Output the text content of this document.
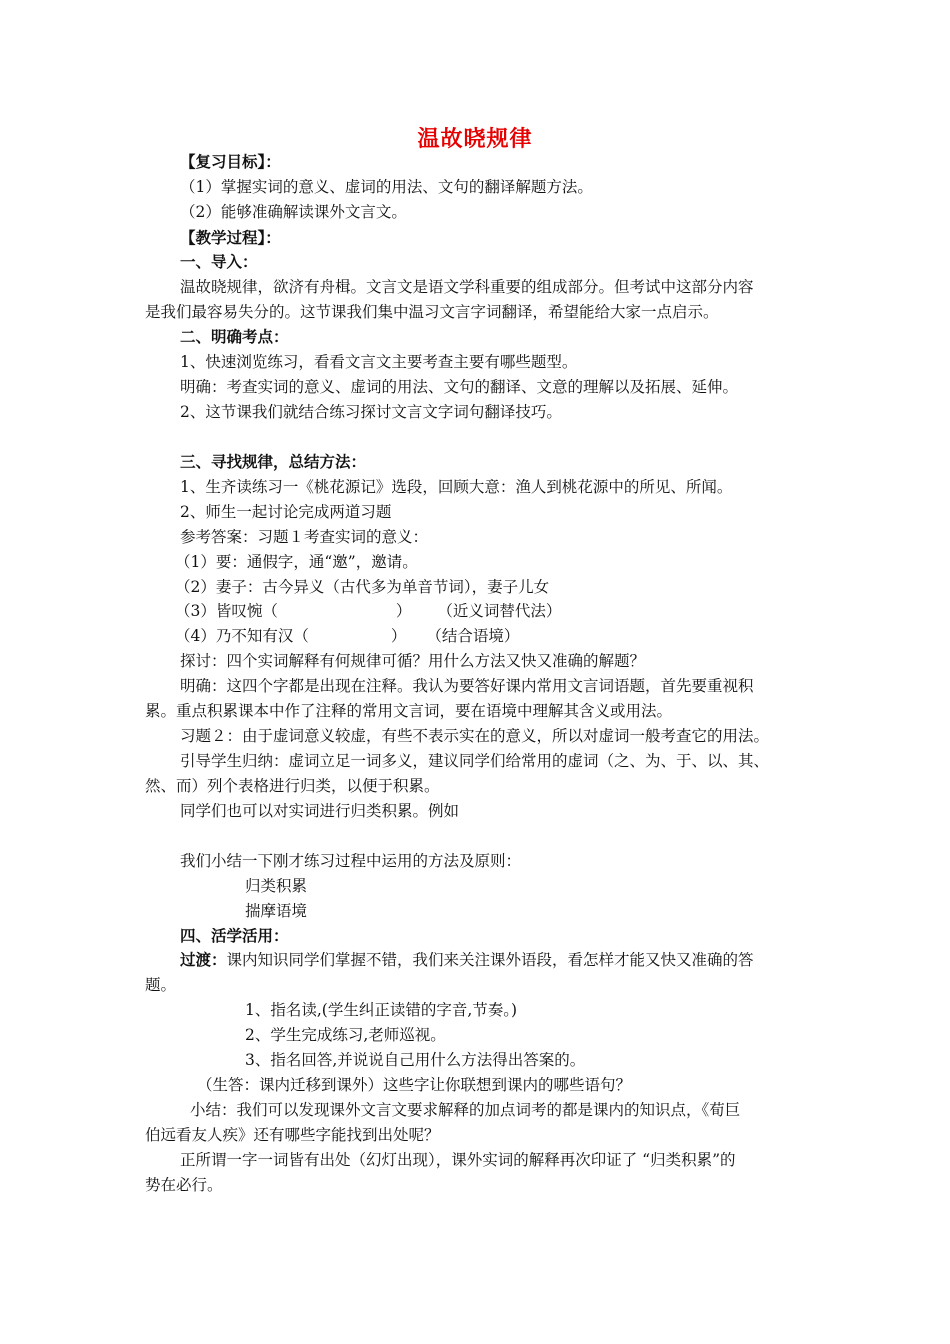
温故晓规律
【复习目标】：
（1）掌握实词的意义、虚词的用法、文句的翻译解题方法。
（2）能够准确解读课外文言文。
【教学过程】：
一、导入：
温故晓规律，欲济有舟楫。文言文是语文学科重要的组成部分。但考试中这部分内容
是我们最容易失分的。这节课我们集中温习文言字词翻译，希望能给大家一点启示。
二、明确考点：
1、快速浏览练习，看看文言文主要考查主要有哪些题型。
明确：考查实词的意义、虚词的用法、文句的翻译、文意的理解以及拓展、延伸。
2、这节课我们就结合练习探讨文言文字词句翻译技巧。
三、寻找规律，总结方法：
1、生齐读练习一《桃花源记》选段，回顾大意：渔人到桃花源中的所见、所闻。
2、师生一起讨论完成两道习题
参考答案：习题１考查实词的意义：
（1）要：通假字，通“邀”，邀请。
（2）妻子：古今异义（古代多为单音节词），妻子儿女
（3）皆叹惋（	） （近义词替代法）
（4）乃不知有汉（	） （结合语境）
探讨：四个实词解释有何规律可循？用什么方法又快又准确的解题？
明确：这四个字都是出现在注释。我认为要答好课内常用文言词语题，首先要重视积
累。重点积累课本中作了注释的常用文言词，要在语境中理解其含义或用法。
习题２：由于虚词意义较虚，有些不表示实在的意义，所以对虚词一般考查它的用法。
引导学生归纳：虚词立足一词多义，建议同学们给常用的虚词（之、为、于、以、其、
然、而）列个表格进行归类，以便于积累。
同学们也可以对实词进行归类积累。例如
我们小结一下刚才练习过程中运用的方法及原则：
归类积累
揣摩语境
四、活学活用：
过渡：课内知识同学们掌握不错，我们来关注课外语段，看怎样才能又快又准确的答
题。
1、指名读,(学生纠正读错的字音,节奏。)
2、学生完成练习,老师巡视。
3、指名回答,并说说自己用什么方法得出答案的。
（生答：课内迁移到课外）这些字让你联想到课内的哪些语句？
小结：我们可以发现课外文言文要求解释的加点词考的都是课内的知识点，《荀巨
伯远看友人疾》还有哪些字能找到出处呢？
正所谓一字一词皆有出处（幻灯出现），课外实词的解释再次印证了 “归类积累”的
势在必行。
